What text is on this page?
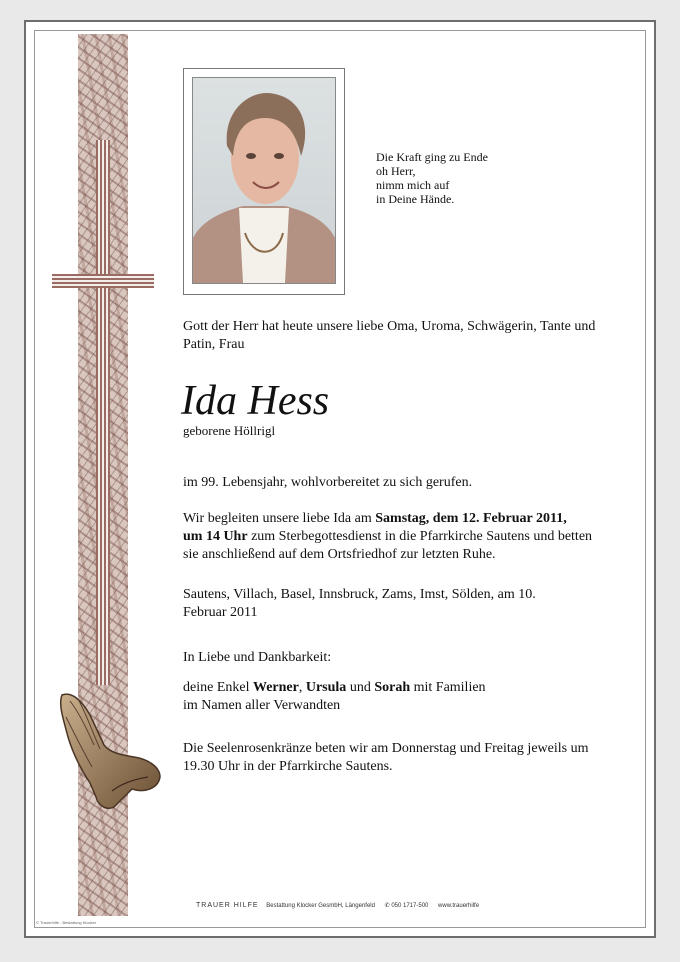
Die Kraft ging zu Ende
oh Herr,
nimm mich auf
in Deine Hände.
Gott der Herr hat heute unsere liebe Oma, Uroma, Schwägerin, Tante und Patin, Frau
Ida Hess
geborene Höllrigl
im 99. Lebensjahr, wohlvorbereitet zu sich gerufen.
Wir begleiten unsere liebe Ida am Samstag, dem 12. Februar 2011,
um 14 Uhr zum Sterbegottesdienst in die Pfarrkirche Sautens und betten sie anschließend auf dem Ortsfriedhof zur letzten Ruhe.
Sautens, Villach, Basel, Innsbruck, Zams, Imst, Sölden, am 10. Februar 2011
In Liebe und Dankbarkeit:
deine Enkel Werner, Ursula und Sorah mit Familien
im Namen aller Verwandten
Die Seelenrosenkränze beten wir am Donnerstag und Freitag jeweils um 19.30 Uhr in der Pfarrkirche Sautens.
TRAUER HILFE Bestattung Klocker GesmbH, Längenfeld ✆ 050 1717-500 www.trauerhilfe
© Trauerhilfe - Bestattung Klocker
